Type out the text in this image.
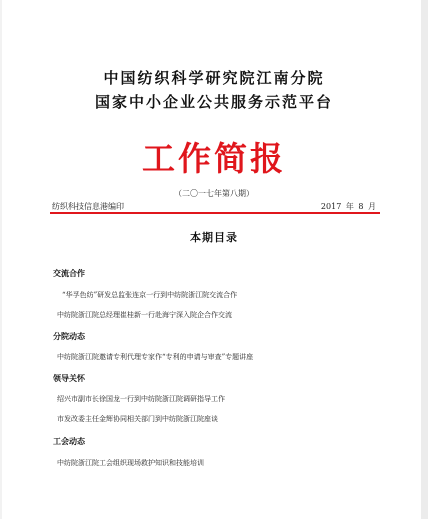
中国纺织科学研究院江南分院
国家中小企业公共服务示范平台
工作简报
（二〇一七年第八期）
纺织科技信息港编印	2017 年 8 月
本期目录
交流合作
“华孚色纺”研发总监张连京一行到中纺院浙江院交流合作
中纺院浙江院总经理崔桂新一行赴海宁深入院企合作交流
分院动态
中纺院浙江院邀请专利代理专家作“专利的申请与审查”专题讲座
领导关怀
绍兴市副市长徐国龙一行到中纺院浙江院调研指导工作
市发改委主任金辉协同相关部门到中纺院浙江院座谈
工会动态
中纺院浙江院工会组织现场救护知识和技能培训
